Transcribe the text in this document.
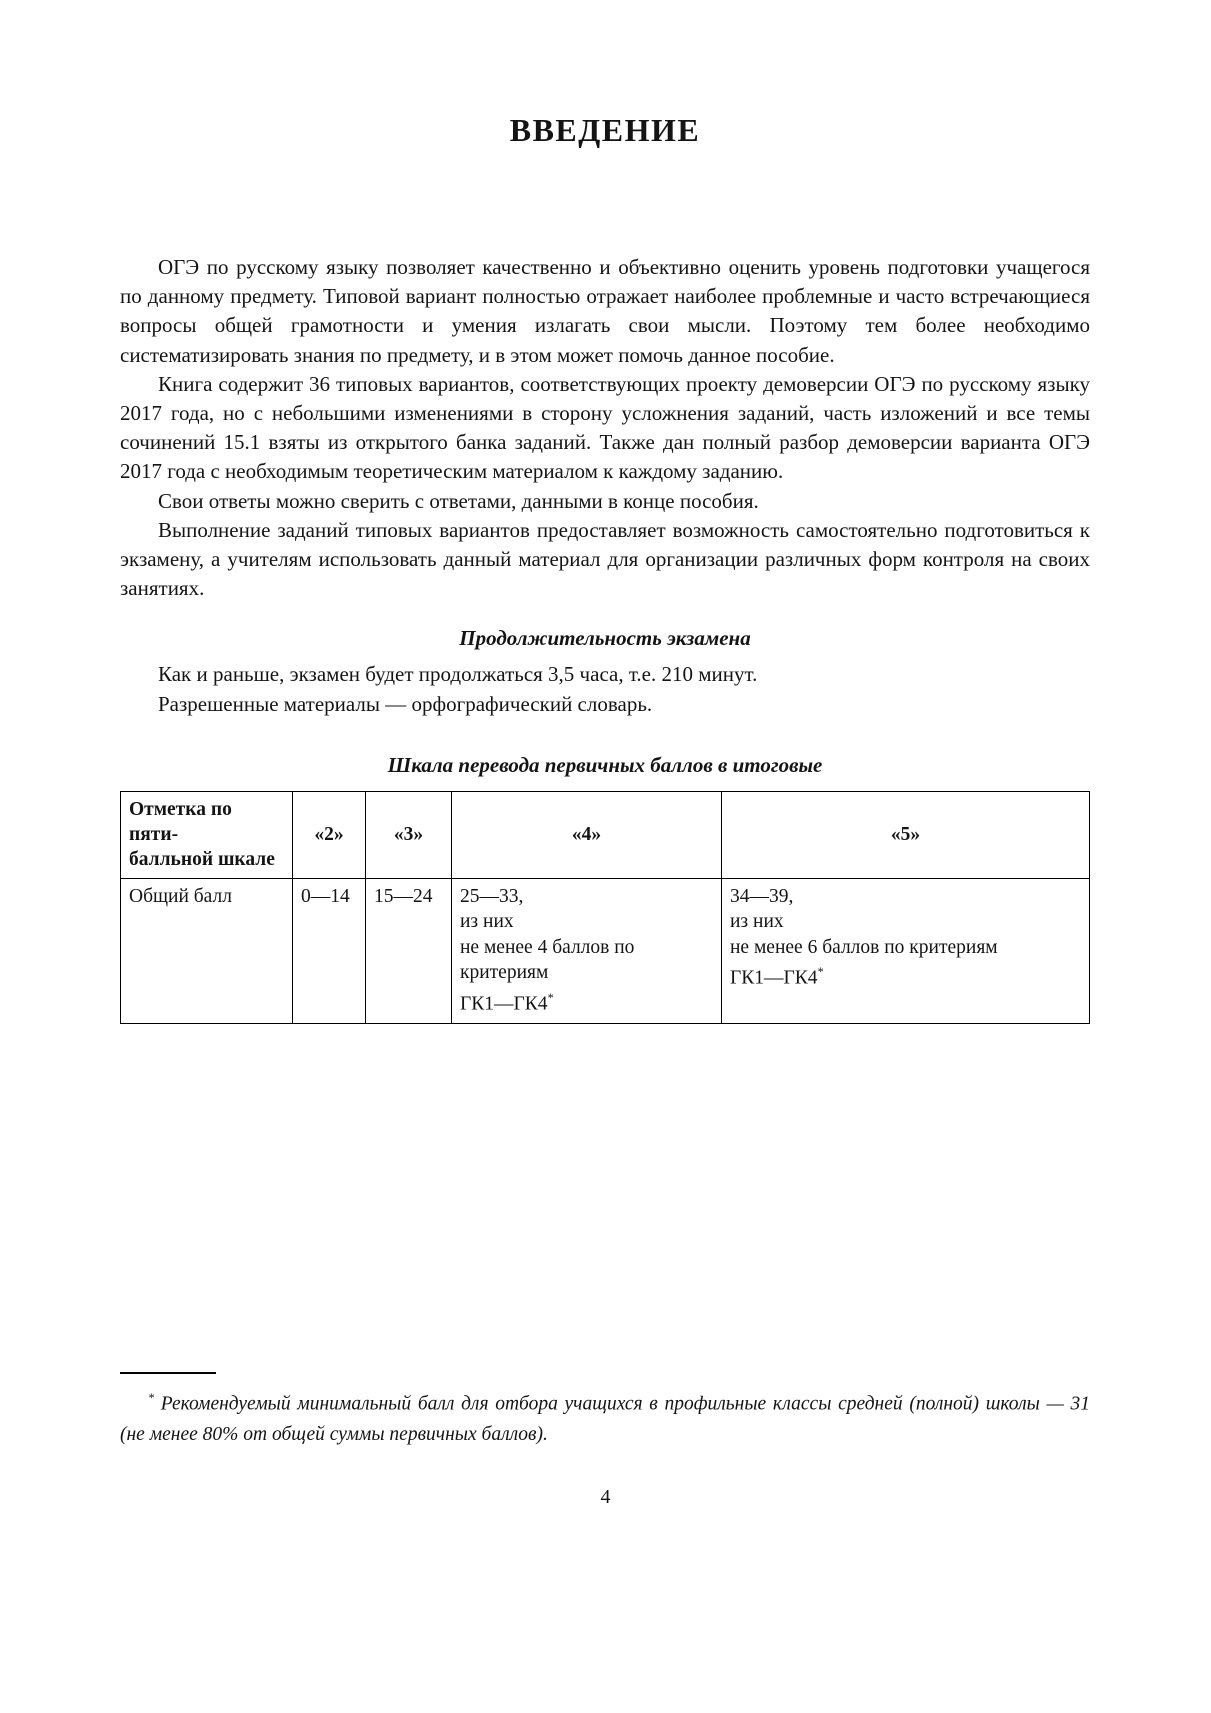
ВВЕДЕНИЕ

ОГЭ по русскому языку позволяет качественно и объективно оценить уровень подготовки учащегося по данному предмету. Типовой вариант полностью отражает наиболее проблемные и часто встречающиеся вопросы общей грамотности и умения излагать свои мысли. Поэтому тем более необходимо систематизировать знания по предмету, и в этом может помочь данное пособие.

Книга содержит 36 типовых вариантов, соответствующих проекту демоверсии ОГЭ по русскому языку 2017 года, но с небольшими изменениями в сторону усложнения заданий, часть изложений и все темы сочинений 15.1 взяты из открытого банка заданий. Также дан полный разбор демоверсии варианта ОГЭ 2017 года с необходимым теоретическим материалом к каждому заданию.

Свои ответы можно сверить с ответами, данными в конце пособия.

Выполнение заданий типовых вариантов предоставляет возможность самостоятельно подготовиться к экзамену, а учителям использовать данный материал для организации различных форм контроля на своих занятиях.

Продолжительность экзамена

Как и раньше, экзамен будет продолжаться 3,5 часа, т.е. 210 минут.

Разрешенные материалы — орфографический словарь.

Шкала перевода первичных баллов в итоговые
Отметка по пяти-
балльной шкале	«2»	«3»	«4»	«5»
Общий балл	0—14	15—24	25—33,
из них
не менее 4 баллов по критериям
ГК1—ГК4*	34—39,
из них
не менее 6 баллов по критериям
ГК1—ГК4*

* Рекомендуемый минимальный балл для отбора учащихся в профильные классы средней (полной) школы — 31 (не менее 80% от общей суммы первичных баллов).

4
